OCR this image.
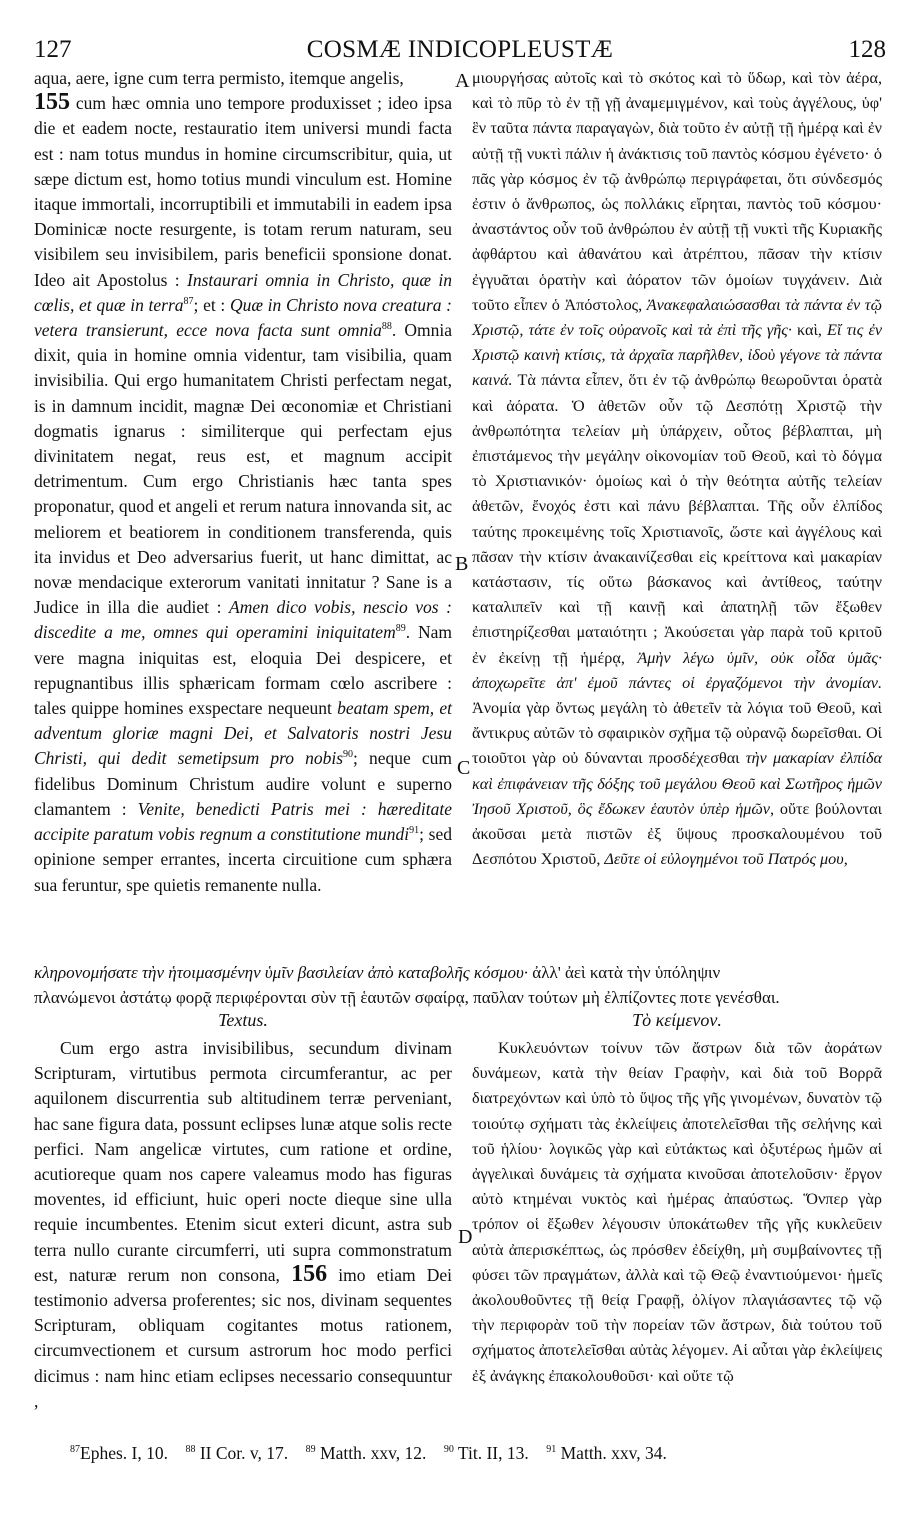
127	COSMÆ INDICOPLEUSTÆ	128
A
B
C
D

aqua, aere, igne cum terra permisto, itemque angelis,
155 cum hæc omnia uno tempore produxisset ; ideo ipsa die et eadem nocte, restauratio item universi mundi facta est : nam totus mundus in homine circumscribitur, quia, ut sæpe dictum est, homo totius mundi vinculum est. Homine itaque immortali, incorruptibili et immutabili in eadem ipsa Dominicæ nocte resurgente, is totam rerum naturam, seu visibilem seu invisibilem, paris beneficii sponsione donat. Ideo ait Apostolus : Instaurari omnia in Christo, quæ in cœlis, et quæ in terra$^{87}$; et : Quæ in Christo nova creatura : vetera transierunt, ecce nova facta sunt omnia$^{88}$. Omnia dixit, quia in homine omnia videntur, tam visibilia, quam invisibilia. Qui ergo humanitatem Christi perfectam negat, is in damnum incidit, magnæ Dei œconomiæ et Christiani dogmatis ignarus : similiterque qui perfectam ejus divinitatem negat, reus est, et magnum accipit detrimentum. Cum ergo Christianis hæc tanta spes proponatur, quod et angeli et rerum natura innovanda sit, ac meliorem et beatiorem in conditionem transferenda, quis ita invidus et Deo adversarius fuerit, ut hanc dimittat, ac novæ mendacique exterorum vanitati innitatur ? Sane is a Judice in illa die audiet : Amen dico vobis, nescio vos : discedite a me, omnes qui operamini iniquitatem$^{89}$. Nam vere magna iniquitas est, eloquia Dei despicere, et repugnantibus illis sphæricam formam cœlo ascribere : tales quippe homines exspectare nequeunt beatam spem, et adventum gloriæ magni Dei, et Salvatoris nostri Jesu Christi, qui dedit semetipsum pro nobis$^{90}$; neque cum fidelibus Dominum Christum audire volunt e superno clamantem : Venite, benedicti Patris mei : hæreditate accipite paratum vobis regnum a constitutione mundi$^{91}$; sed opinione semper errantes, incerta circuitione cum sphæra sua feruntur, spe quietis remanente nulla.

μιουργήσας αὐτοῖς καὶ τὸ σκότος καὶ τὸ ὕδωρ, καὶ τὸν ἀέρα, καὶ τὸ πῦρ τὸ ἐν τῇ γῇ ἀναμεμιγμένον, καὶ τοὺς ἀγγέλους, ὑφ' ἓν ταῦτα πάντα παραγαγὼν, διὰ τοῦτο ἐν αὐτῇ τῇ ἡμέρᾳ καὶ ἐν αὐτῇ τῇ νυκτὶ πάλιν ἡ ἀνάκτισις τοῦ παντὸς κόσμου ἐγένετο· ὁ πᾶς γὰρ κόσμος ἐν τῷ ἀνθρώπῳ περιγράφεται, ὅτι σύνδεσμός ἐστιν ὁ ἄνθρωπος, ὡς πολλάκις εἴρηται, παντὸς τοῦ κόσμου· ἀναστάντος οὖν τοῦ ἀνθρώπου ἐν αὐτῇ τῇ νυκτὶ τῆς Κυριακῆς ἀφθάρτου καὶ ἀθανάτου καὶ ἀτρέπτου, πᾶσαν τὴν κτίσιν ἐγγυᾶται ὁρατὴν καὶ ἀόρατον τῶν ὁμοίων τυγχάνειν. Διὰ τοῦτο εἶπεν ὁ Ἀπόστολος, Ἀνακεφαλαιώσασθαι τὰ πάντα ἐν τῷ Χριστῷ, τάτε ἐν τοῖς οὐρανοῖς καὶ τὰ ἐπὶ τῆς γῆς· καὶ, Εἴ τις ἐν Χριστῷ καινὴ κτίσις, τὰ ἀρχαῖα παρῆλθεν, ἰδοὺ γέγονε τὰ πάντα καινά. Τὰ πάντα εἶπεν, ὅτι ἐν τῷ ἀνθρώπῳ θεωροῦνται ὁρατὰ καὶ ἀόρατα. Ὁ ἀθετῶν οὖν τῷ Δεσπότῃ Χριστῷ τὴν ἀνθρωπότητα τελείαν μὴ ὑπάρχειν, οὗτος βέβλαπται, μὴ ἐπιστάμενος τὴν μεγάλην οἰκονομίαν τοῦ Θεοῦ, καὶ τὸ δόγμα τὸ Χριστιανικόν· ὁμοίως καὶ ὁ τὴν θεότητα αὐτῆς τελείαν ἀθετῶν, ἔνοχός ἐστι καὶ πάνυ βέβλαπται. Τῆς οὖν ἐλπίδος ταύτης προκειμένης τοῖς Χριστιανοῖς, ὥστε καὶ ἀγγέλους καὶ πᾶσαν τὴν κτίσιν ἀνακαινίζεσθαι εἰς κρείττονα καὶ μακαρίαν κατάστασιν, τίς οὕτω βάσκανος καὶ ἀντίθεος, ταύτην καταλιπεῖν καὶ τῇ καινῇ καὶ ἀπατηλῇ τῶν ἔξωθεν ἐπιστηρίζεσθαι ματαιότητι ; Ἀκούσεται γὰρ παρὰ τοῦ κριτοῦ ἐν ἐκείνῃ τῇ ἡμέρᾳ, Ἀμὴν λέγω ὑμῖν, οὐκ οἶδα ὑμᾶς· ἀποχωρεῖτε ἀπ' ἐμοῦ πάντες οἱ ἐργαζόμενοι τὴν ἀνομίαν. Ἀνομία γὰρ ὄντως μεγάλη τὸ ἀθετεῖν τὰ λόγια τοῦ Θεοῦ, καὶ ἄντικρυς αὐτῶν τὸ σφαιρικὸν σχῆμα τῷ οὐρανῷ δωρεῖσθαι. Οἱ τοιοῦτοι γὰρ οὐ δύνανται προσδέχεσθαι τὴν μακαρίαν ἐλπίδα καὶ ἐπιφάνειαν τῆς δόξης τοῦ μεγάλου Θεοῦ καὶ Σωτῆρος ἡμῶν Ἰησοῦ Χριστοῦ, ὃς ἔδωκεν ἑαυτὸν ὑπὲρ ἡμῶν, οὔτε βούλονται ἀκοῦσαι μετὰ πιστῶν ἐξ ὕψους προσκαλουμένου τοῦ Δεσπότου Χριστοῦ, Δεῦτε οἱ εὐλογημένοι τοῦ Πατρός μου,

κληρονομήσατε τὴν ἡτοιμασμένην ὑμῖν βασιλείαν ἀπὸ καταβολῆς κόσμου· ἀλλ' ἀεὶ κατὰ τὴν ὑπόληψιν

πλανώμενοι ἀστάτῳ φορᾷ περιφέρονται σὺν τῇ ἑαυτῶν σφαίρᾳ, παῦλαν τούτων μὴ ἐλπίζοντες ποτε γενέσθαι.

Textus.	Τὸ κείμενον.

Cum ergo astra invisibilibus, secundum divinam Scripturam, virtutibus permota circumferantur, ac per aquilonem discurrentia sub altitudinem terræ perveniant, hac sane figura data, possunt eclipses lunæ atque solis recte perfici. Nam angelicæ virtutes, cum ratione et ordine, acutioreque quam nos capere valeamus modo has figuras moventes, id efficiunt, huic operi nocte dieque sine ulla requie incumbentes. Etenim sicut exteri dicunt, astra sub terra nullo curante circumferri, uti supra commonstratum est, naturæ rerum non consona, 156 imo etiam Dei testimonio adversa proferentes; sic nos, divinam sequentes Scripturam, obliquam cogitantes motus rationem, circumvectionem et cursum astrorum hoc modo perfici dicimus : nam hinc etiam eclipses necessario consequuntur ,

Κυκλευόντων τοίνυν τῶν ἄστρων διὰ τῶν ἀοράτων δυνάμεων, κατὰ τὴν θείαν Γραφὴν, καὶ διὰ τοῦ Βορρᾶ διατρεχόντων καὶ ὑπὸ τὸ ὕψος τῆς γῆς γινομένων, δυνατὸν τῷ τοιούτῳ σχήματι τὰς ἐκλείψεις ἀποτελεῖσθαι τῆς σελήνης καὶ τοῦ ἡλίου· λογικῶς γὰρ καὶ εὐτάκτως καὶ ὀξυτέρως ἡμῶν αἱ ἀγγελικαὶ δυνάμεις τὰ σχήματα κινοῦσαι ἀποτελοῦσιν· ἔργον αὐτὸ κτημέναι νυκτὸς καὶ ἡμέρας ἀπαύστως. Ὅνπερ γὰρ τρόπον οἱ ἔξωθεν λέγουσιν ὑποκάτωθεν τῆς γῆς κυκλεῦειν αὐτὰ ἀπερισκέπτως, ὡς πρόσθεν ἐδείχθη, μὴ συμβαίνοντες τῇ φύσει τῶν πραγμάτων, ἀλλὰ καὶ τῷ Θεῷ ἐναντιούμενοι· ἡμεῖς ἀκολουθοῦντες τῇ θείᾳ Γραφῇ, ὀλίγον πλαγιάσαντες τῷ νῷ τὴν περιφορὰν τοῦ τὴν πορείαν τῶν ἄστρων, διὰ τούτου τοῦ σχήματος ἀποτελεῖσθαι αὐτὰς λέγομεν. Αἱ αὗται γὰρ ἐκλείψεις ἐξ ἀνάγκης ἐπακολουθοῦσι· καὶ οὔτε τῷ

$^{87}$Ephes. I, 10. $^{88}$ II Cor. v, 17. $^{89}$ Matth. xxv, 12. $^{90}$ Tit. II, 13. $^{91}$ Matth. xxv, 34.
